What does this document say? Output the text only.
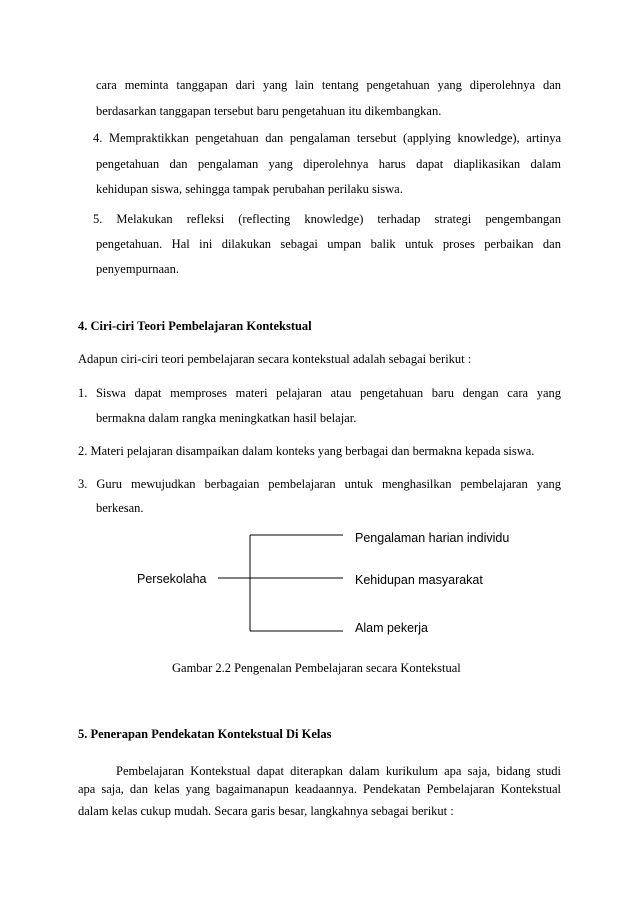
cara meminta tanggapan dari yang lain tentang pengetahuan yang diperolehnya dan
berdasarkan tanggapan tersebut baru pengetahuan itu dikembangkan.
4. Mempraktikkan pengetahuan dan pengalaman tersebut (applying knowledge), artinya
pengetahuan dan pengalaman yang diperolehnya harus dapat diaplikasikan dalam
kehidupan siswa, sehingga tampak perubahan perilaku siswa.
5. Melakukan refleksi (reflecting knowledge) terhadap strategi pengembangan
pengetahuan. Hal ini dilakukan sebagai umpan balik untuk proses perbaikan dan
penyempurnaan.
4. Ciri-ciri Teori Pembelajaran Kontekstual
Adapun ciri-ciri teori pembelajaran secara kontekstual adalah sebagai berikut :
1. Siswa dapat memproses materi pelajaran atau pengetahuan baru dengan cara yang
bermakna dalam rangka meningkatkan hasil belajar.
2. Materi pelajaran disampaikan dalam konteks yang berbagai dan bermakna kepada siswa.
3. Guru mewujudkan berbagaian pembelajaran untuk menghasilkan pembelajaran yang
berkesan.
Persekolaha
Pengalaman harian individu
Kehidupan masyarakat
Alam pekerja
Gambar 2.2 Pengenalan Pembelajaran secara Kontekstual
5. Penerapan Pendekatan Kontekstual Di Kelas
Pembelajaran Kontekstual dapat diterapkan dalam kurikulum apa saja, bidang studi
apa saja, dan kelas yang bagaimanapun keadaannya. Pendekatan Pembelajaran Kontekstual
dalam kelas cukup mudah. Secara garis besar, langkahnya sebagai berikut :
